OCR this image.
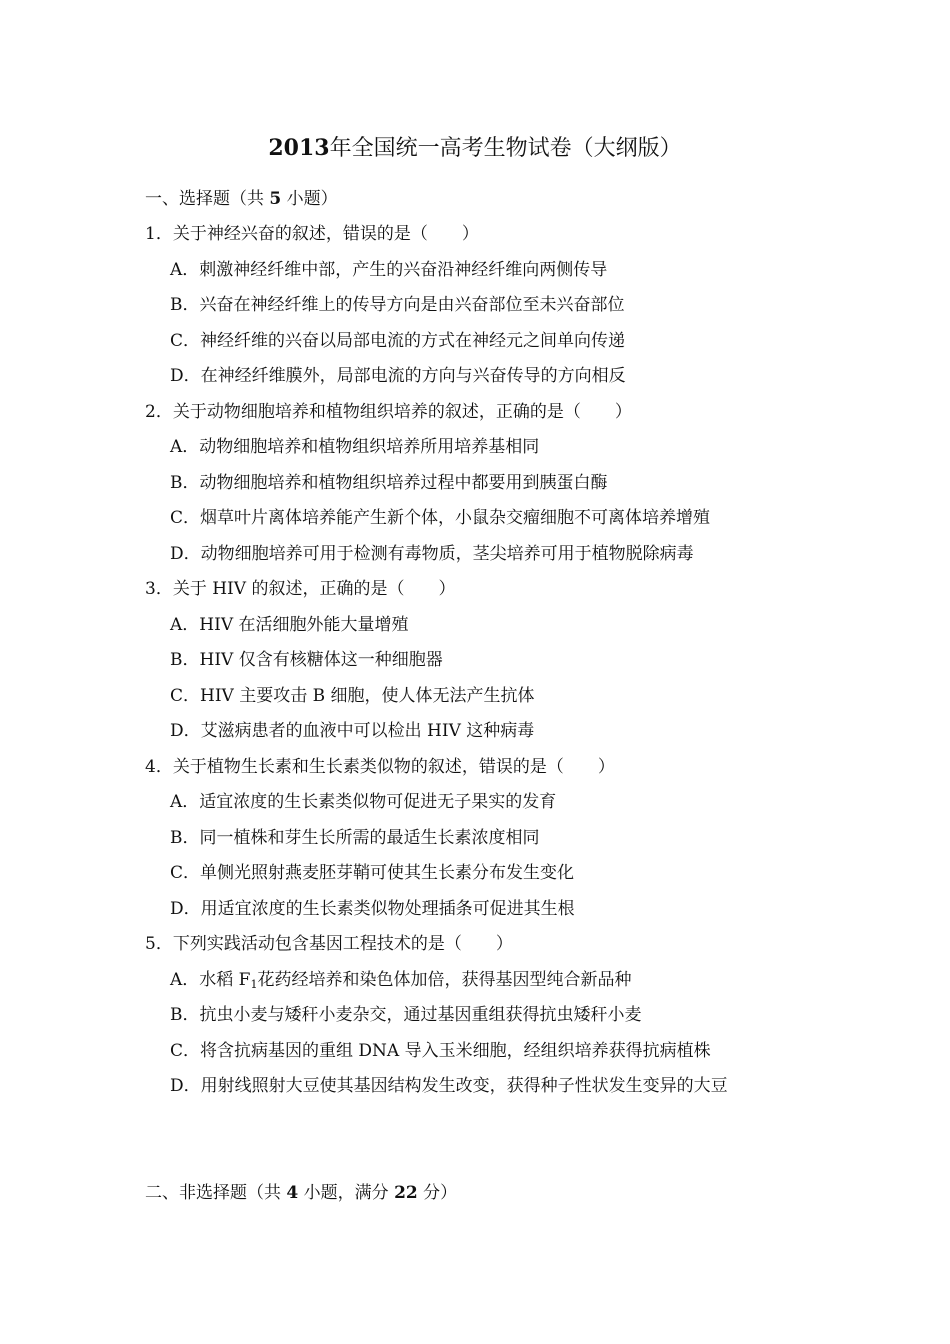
2013年全国统一高考生物试卷（大纲版）
一、选择题（共 5 小题）
1．关于神经兴奋的叙述，错误的是（　　）
A．刺激神经纤维中部，产生的兴奋沿神经纤维向两侧传导
B．兴奋在神经纤维上的传导方向是由兴奋部位至未兴奋部位
C．神经纤维的兴奋以局部电流的方式在神经元之间单向传递
D．在神经纤维膜外，局部电流的方向与兴奋传导的方向相反
2．关于动物细胞培养和植物组织培养的叙述，正确的是（　　）
A．动物细胞培养和植物组织培养所用培养基相同
B．动物细胞培养和植物组织培养过程中都要用到胰蛋白酶
C．烟草叶片离体培养能产生新个体，小鼠杂交瘤细胞不可离体培养增殖
D．动物细胞培养可用于检测有毒物质，茎尖培养可用于植物脱除病毒
3．关于 HIV 的叙述，正确的是（　　）
A．HIV 在活细胞外能大量增殖
B．HIV 仅含有核糖体这一种细胞器
C．HIV 主要攻击 B 细胞，使人体无法产生抗体
D．艾滋病患者的血液中可以检出 HIV 这种病毒
4．关于植物生长素和生长素类似物的叙述，错误的是（　　）
A．适宜浓度的生长素类似物可促进无子果实的发育
B．同一植株和芽生长所需的最适生长素浓度相同
C．单侧光照射燕麦胚芽鞘可使其生长素分布发生变化
D．用适宜浓度的生长素类似物处理插条可促进其生根
5．下列实践活动包含基因工程技术的是（　　）
A．水稻 $F_1$花药经培养和染色体加倍，获得基因型纯合新品种
B．抗虫小麦与矮秆小麦杂交，通过基因重组获得抗虫矮秆小麦
C．将含抗病基因的重组 DNA 导入玉米细胞，经组织培养获得抗病植株
D．用射线照射大豆使其基因结构发生改变，获得种子性状发生变异的大豆
二、非选择题（共 4 小题，满分 22 分）
